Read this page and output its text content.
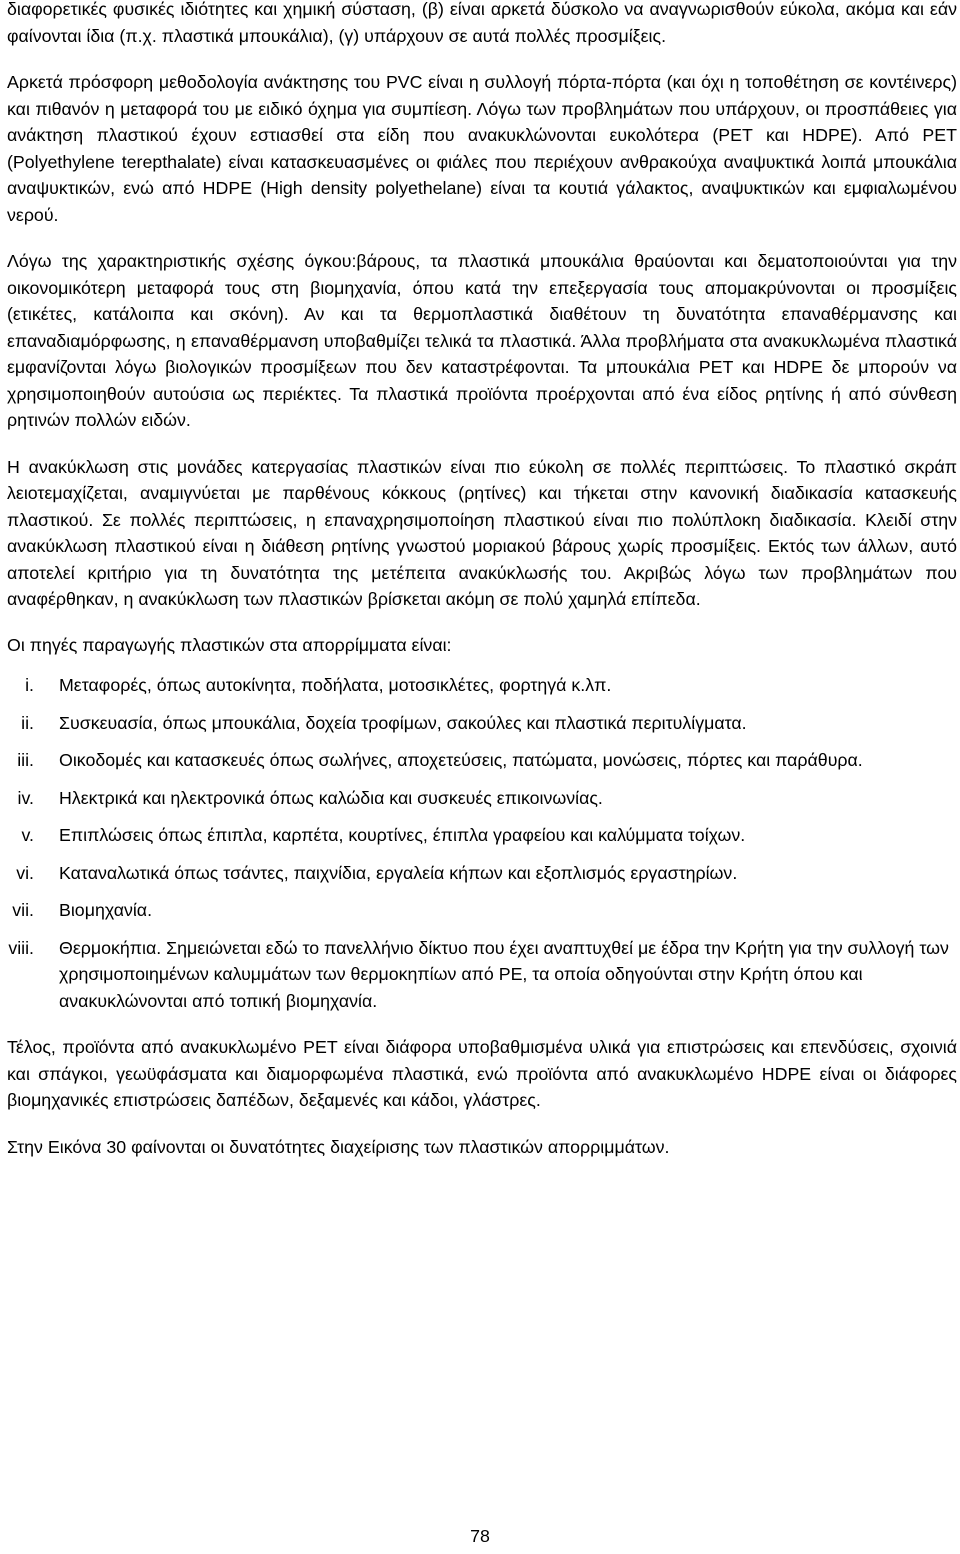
διαφορετικές φυσικές ιδιότητες και χημική σύσταση, (β) είναι αρκετά δύσκολο να αναγνωρισθούν εύκολα, ακόμα και εάν φαίνονται ίδια (π.χ. πλαστικά μπουκάλια), (γ) υπάρχουν σε αυτά πολλές προσμίξεις.

Αρκετά πρόσφορη μεθοδολογία ανάκτησης του PVC είναι η συλλογή πόρτα-πόρτα (και όχι η τοποθέτηση σε κοντέινερς) και πιθανόν η μεταφορά του με ειδικό όχημα για συμπίεση. Λόγω των προβλημάτων που υπάρχουν, οι προσπάθειες για ανάκτηση πλαστικού έχουν εστιασθεί στα είδη που ανακυκλώνονται ευκολότερα (PET και HDPE). Από PET (Polyethylene terepthalate) είναι κατασκευασμένες οι φιάλες που περιέχουν ανθρακούχα αναψυκτικά λοιπά μπουκάλια αναψυκτικών, ενώ από HDPE (High density polyethelane) είναι τα κουτιά γάλακτος, αναψυκτικών και εμφιαλωμένου νερού.

Λόγω της χαρακτηριστικής σχέσης όγκου:βάρους, τα πλαστικά μπουκάλια θραύονται και δεματοποιούνται για την οικονομικότερη μεταφορά τους στη βιομηχανία, όπου κατά την επεξεργασία τους απομακρύνονται οι προσμίξεις (ετικέτες, κατάλοιπα και σκόνη). Αν και τα θερμοπλαστικά διαθέτουν τη δυνατότητα επαναθέρμανσης και επαναδιαμόρφωσης, η επαναθέρμανση υποβαθμίζει τελικά τα πλαστικά. Άλλα προβλήματα στα ανακυκλωμένα πλαστικά εμφανίζονται λόγω βιολογικών προσμίξεων που δεν καταστρέφονται. Τα μπουκάλια PET και HDPE δε μπορούν να χρησιμοποιηθούν αυτούσια ως περιέκτες. Τα πλαστικά προϊόντα προέρχονται από ένα είδος ρητίνης ή από σύνθεση ρητινών πολλών ειδών.

Η ανακύκλωση στις μονάδες κατεργασίας πλαστικών είναι πιο εύκολη σε πολλές περιπτώσεις. Το πλαστικό σκράπ λειοτεμαχίζεται, αναμιγνύεται με παρθένους κόκκους (ρητίνες) και τήκεται στην κανονική διαδικασία κατασκευής πλαστικού. Σε πολλές περιπτώσεις, η επαναχρησιμοποίηση πλαστικού είναι πιο πολύπλοκη διαδικασία. Κλειδί στην ανακύκλωση πλαστικού είναι η διάθεση ρητίνης γνωστού μοριακού βάρους χωρίς προσμίξεις. Εκτός των άλλων, αυτό αποτελεί κριτήριο για τη δυνατότητα της μετέπειτα ανακύκλωσής του. Ακριβώς λόγω των προβλημάτων που αναφέρθηκαν, η ανακύκλωση των πλαστικών βρίσκεται ακόμη σε πολύ χαμηλά επίπεδα.

Οι πηγές παραγωγής πλαστικών στα απορρίμματα είναι:

i. Μεταφορές, όπως αυτοκίνητα, ποδήλατα, μοτοσικλέτες, φορτηγά κ.λπ.
ii. Συσκευασία, όπως μπουκάλια, δοχεία τροφίμων, σακούλες και πλαστικά περιτυλίγματα.
iii. Οικοδομές και κατασκευές όπως σωλήνες, αποχετεύσεις, πατώματα, μονώσεις, πόρτες και παράθυρα.
iv. Ηλεκτρικά και ηλεκτρονικά όπως καλώδια και συσκευές επικοινωνίας.
v. Επιπλώσεις όπως έπιπλα, καρπέτα, κουρτίνες, έπιπλα γραφείου και καλύμματα τοίχων.
vi. Καταναλωτικά όπως τσάντες, παιχνίδια, εργαλεία κήπων και εξοπλισμός εργαστηρίων.
vii. Βιομηχανία.
viii. Θερμοκήπια. Σημειώνεται εδώ το πανελλήνιο δίκτυο που έχει αναπτυχθεί με έδρα την Κρήτη για την συλλογή των χρησιμοποιημένων καλυμμάτων των θερμοκηπίων από PE, τα οποία οδηγούνται στην Κρήτη όπου και ανακυκλώνονται από τοπική βιομηχανία.

Τέλος, προϊόντα από ανακυκλωμένο PET είναι διάφορα υποβαθμισμένα υλικά για επιστρώσεις και επενδύσεις, σχοινιά και σπάγκοι, γεωϋφάσματα και διαμορφωμένα πλαστικά, ενώ προϊόντα από ανακυκλωμένο HDPE είναι οι διάφορες βιομηχανικές επιστρώσεις δαπέδων, δεξαμενές και κάδοι, γλάστρες.

Στην Εικόνα 30 φαίνονται οι δυνατότητες διαχείρισης των πλαστικών απορριμμάτων.

78
